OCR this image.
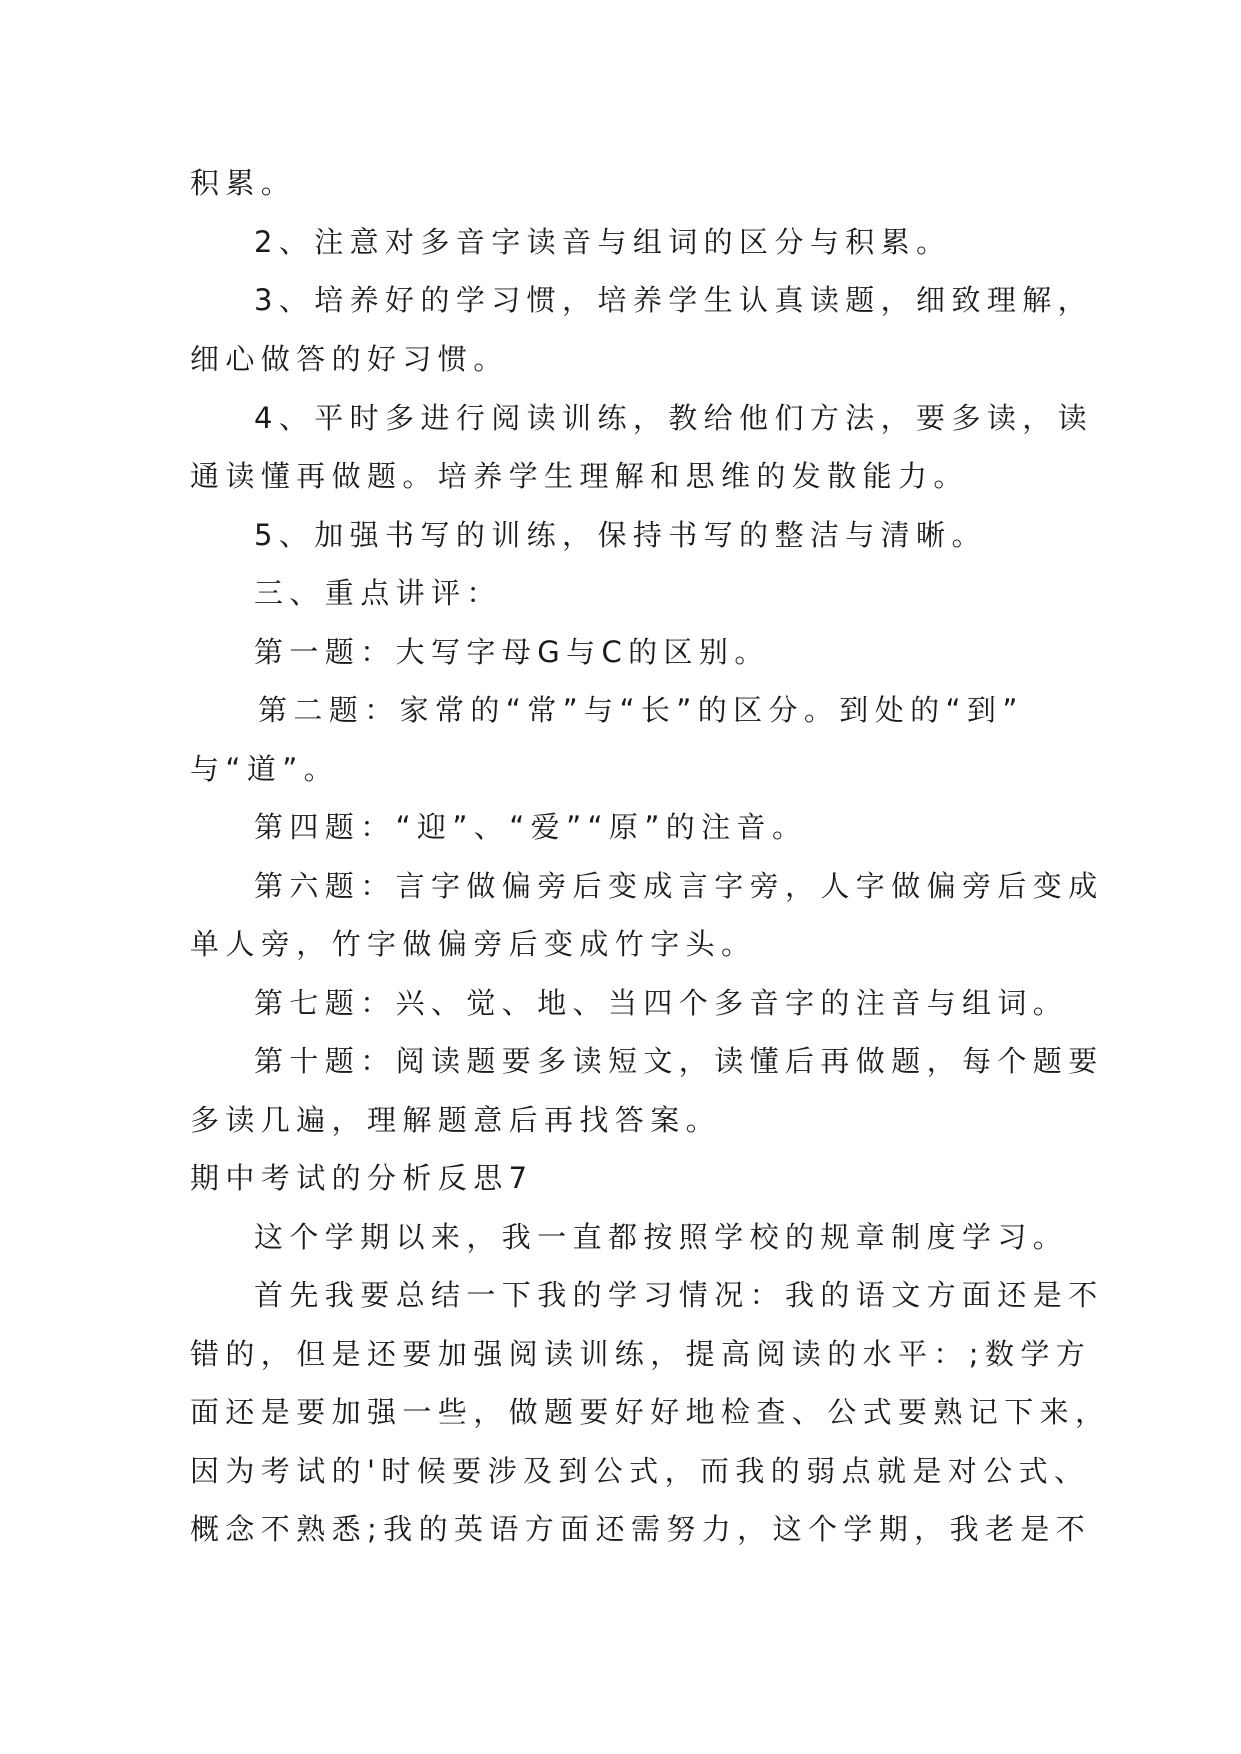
积累。
2、注意对多音字读音与组词的区分与积累。
3、培养好的学习惯，培养学生认真读题，细致理解，
细心做答的好习惯。
4、平时多进行阅读训练，教给他们方法，要多读，读
通读懂再做题。培养学生理解和思维的发散能力。
5、加强书写的训练，保持书写的整洁与清晰。
三、重点讲评：
第一题：大写字母G与C的区别。
第二题：家常的“常”与“长”的区分。到处的“到”
与“道”。
第四题：“迎”、“爱”“原”的注音。
第六题：言字做偏旁后变成言字旁，人字做偏旁后变成
单人旁，竹字做偏旁后变成竹字头。
第七题：兴、觉、地、当四个多音字的注音与组词。
第十题：阅读题要多读短文，读懂后再做题，每个题要
多读几遍，理解题意后再找答案。
期中考试的分析反思7
这个学期以来，我一直都按照学校的规章制度学习。
首先我要总结一下我的学习情况：我的语文方面还是不
错的，但是还要加强阅读训练，提高阅读的水平：;数学方
面还是要加强一些，做题要好好地检查、公式要熟记下来，
因为考试的'时候要涉及到公式，而我的弱点就是对公式、
概念不熟悉;我的英语方面还需努力，这个学期，我老是不
